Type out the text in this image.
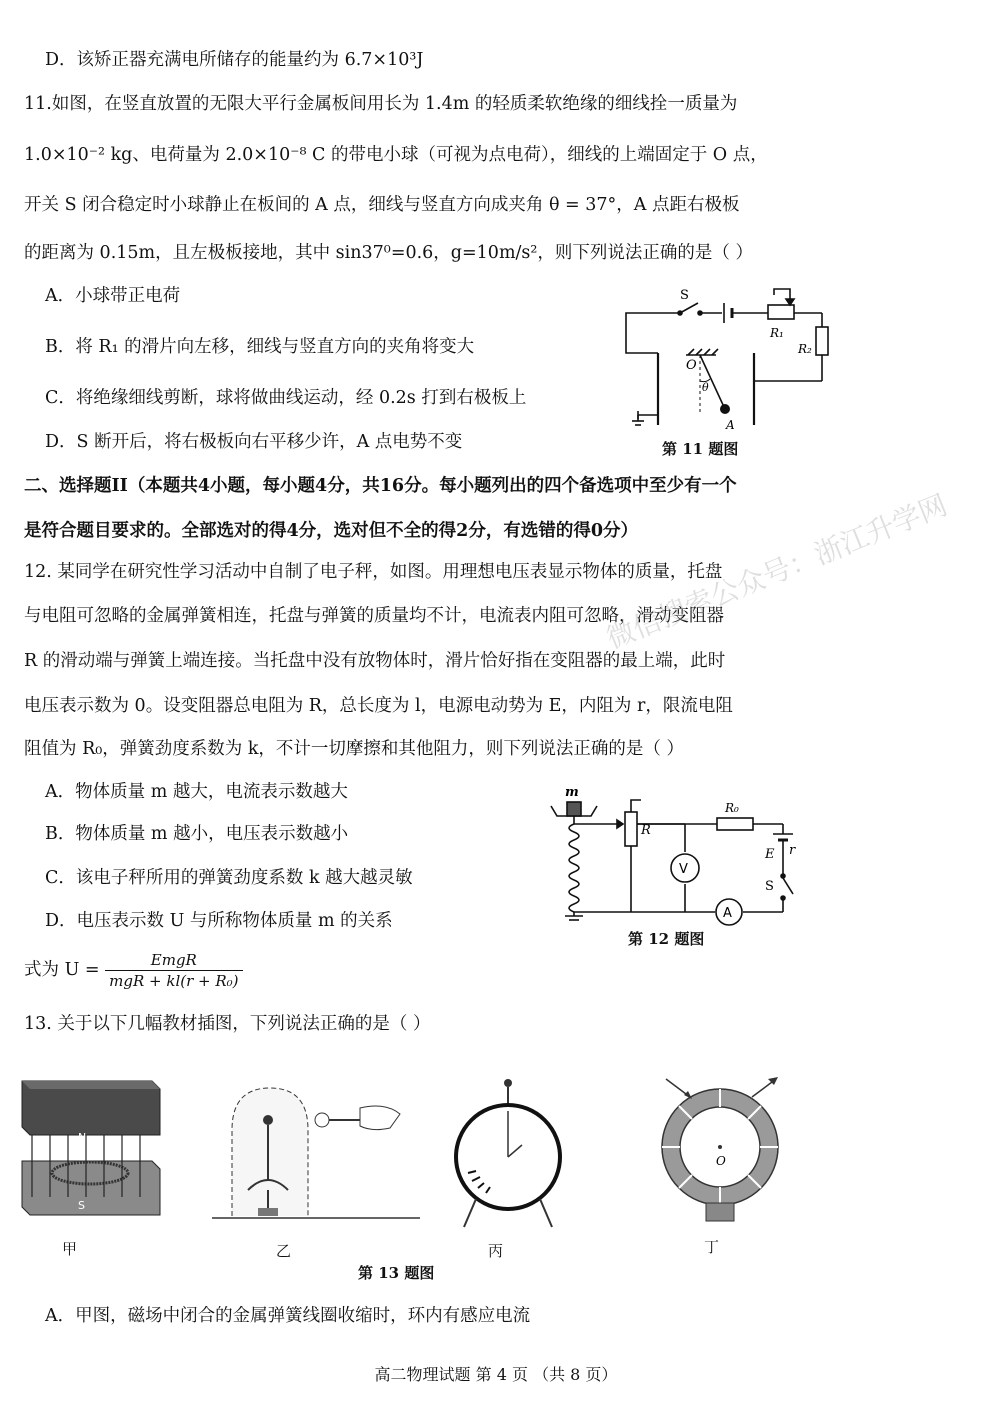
D．该矫正器充满电所储存的能量约为 6.7×10³J
11.如图，在竖直放置的无限大平行金属板间用长为 1.4m 的轻质柔软绝缘的细线拴一质量为
1.0×10⁻² kg、电荷量为 2.0×10⁻⁸ C 的带电小球（可视为点电荷），细线的上端固定于 O 点，
开关 S 闭合稳定时小球静止在板间的 A 点，细线与竖直方向成夹角 θ = 37°，A 点距右极板
的距离为 0.15m，且左极板接地，其中 sin37⁰=0.6，g=10m/s²，则下列说法正确的是（ ）
A．小球带正电荷
B．将 R₁ 的滑片向左移，细线与竖直方向的夹角将变大
C．将绝缘细线剪断，球将做曲线运动，经 0.2s 打到右极板上
D．S 断开后，将右极板向右平移少许，A 点电势不变
S
R₁
R₂
O
θ
A
第 11 题图
二、选择题II（本题共4小题，每小题4分，共16分。每小题列出的四个备选项中至少有一个
是符合题目要求的。全部选对的得4分，选对但不全的得2分，有选错的得0分）
12. 某同学在研究性学习活动中自制了电子秤，如图。用理想电压表显示物体的质量，托盘
与电阻可忽略的金属弹簧相连，托盘与弹簧的质量均不计，电流表内阻可忽略，滑动变阻器
R 的滑动端与弹簧上端连接。当托盘中没有放物体时，滑片恰好指在变阻器的最上端，此时
电压表示数为 0。设变阻器总电阻为 R，总长度为 l，电源电动势为 E，内阻为 r，限流电阻
阻值为 R₀，弹簧劲度系数为 k，不计一切摩擦和其他阻力，则下列说法正确的是（ ）
A．物体质量 m 越大，电流表示数越大
B．物体质量 m 越小，电压表示数越小
C．该电子秤所用的弹簧劲度系数 k 越大越灵敏
D．电压表示数 U 与所称物体质量 m 的关系
式为 $U = \frac{\text{EmgR}}{\text{mgR + kl(r + R₀)}}$
m
R
R₀
V
A
E r
S
第 12 题图
13. 关于以下几幅教材插图，下列说法正确的是（ ）
N
S
O
甲	乙	丙	丁
第 13 题图
A．甲图，磁场中闭合的金属弹簧线圈收缩时，环内有感应电流
微信搜索公众号：浙江升学网
高二物理试题 第 4 页 （共 8 页）
